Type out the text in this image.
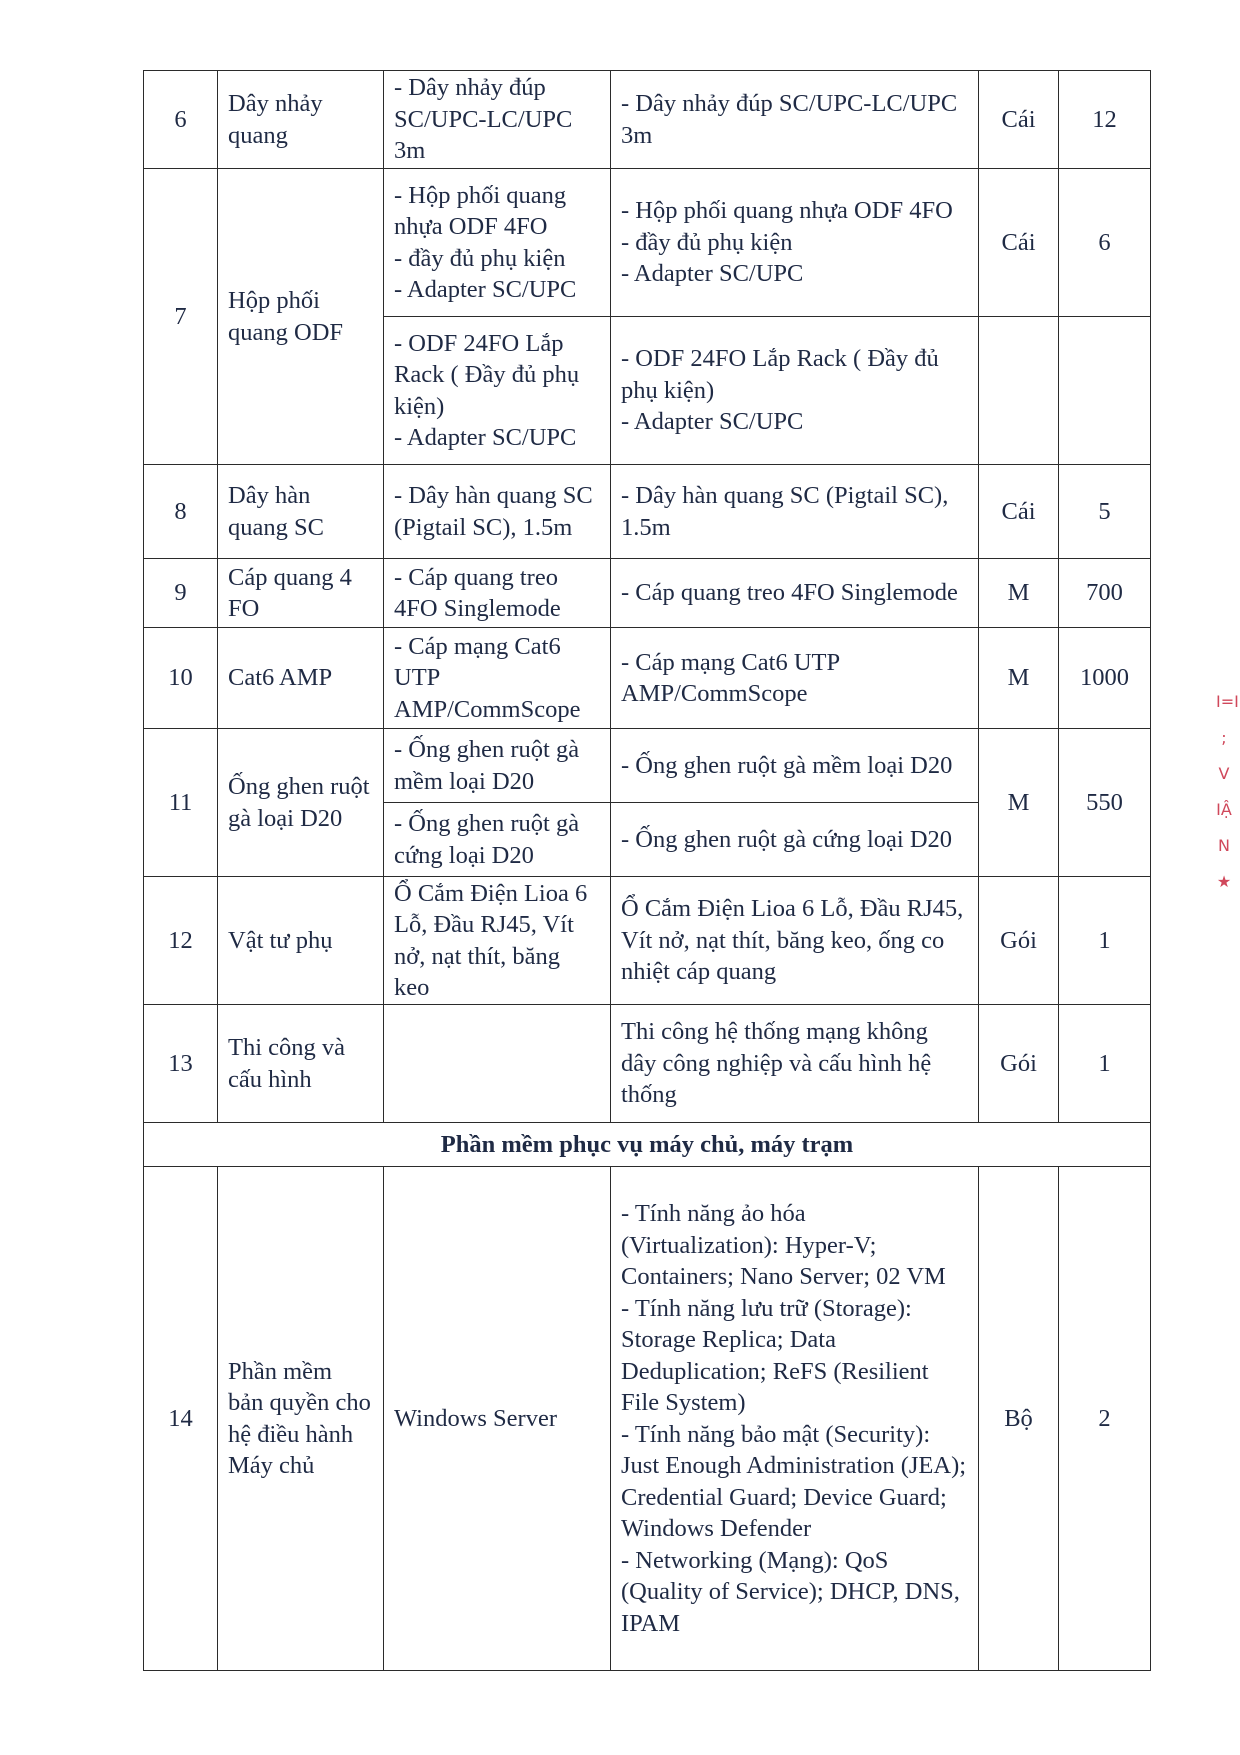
6	Dây nhảy quang	- Dây nhảy đúp SC/UPC-LC/UPC 3m	- Dây nhảy đúp SC/UPC-LC/UPC 3m	Cái	12
7	Hộp phối quang ODF	- Hộp phối quang nhựa ODF 4FO
- đầy đủ phụ kiện
- Adapter SC/UPC	- Hộp phối quang nhựa ODF 4FO
- đầy đủ phụ kiện
- Adapter SC/UPC	Cái	6
		- ODF 24FO Lắp Rack ( Đầy đủ phụ kiện)
- Adapter SC/UPC	- ODF 24FO Lắp Rack ( Đầy đủ phụ kiện)
- Adapter SC/UPC		
8	Dây hàn quang SC	- Dây hàn quang SC (Pigtail SC), 1.5m	- Dây hàn quang SC (Pigtail SC), 1.5m	Cái	5
9	Cáp quang 4 FO	- Cáp quang treo 4FO Singlemode	- Cáp quang treo 4FO Singlemode	M	700
10	Cat6 AMP	- Cáp mạng Cat6 UTP AMP/CommScope	- Cáp mạng Cat6 UTP AMP/CommScope	M	1000
11	Ống ghen ruột gà loại D20	- Ống ghen ruột gà mềm loại D20	- Ống ghen ruột gà mềm loại D20	M	550
		- Ống ghen ruột gà cứng loại D20	- Ống ghen ruột gà cứng loại D20		
12	Vật tư phụ	Ổ Cắm Điện Lioa 6 Lỗ, Đầu RJ45, Vít nở, nạt thít, băng keo	Ổ Cắm Điện Lioa 6 Lỗ, Đầu RJ45, Vít nở, nạt thít, băng keo, ống co nhiệt cáp quang	Gói	1
13	Thi công và cấu hình		Thi công hệ thống mạng không dây công nghiệp và cấu hình hệ thống	Gói	1
Phần mềm phục vụ máy chủ, máy trạm					
14	Phần mềm bản quyền cho hệ điều hành Máy chủ	Windows Server	- Tính năng ảo hóa (Virtualization): Hyper-V; Containers; Nano Server; 02 VM
- Tính năng lưu trữ (Storage): Storage Replica; Data Deduplication; ReFS (Resilient File System)
- Tính năng bảo mật (Security): Just Enough Administration (JEA); Credential Guard; Device Guard; Windows Defender
- Networking (Mạng): QoS (Quality of Service); DHCP, DNS, IPAM	Bộ	2
I=I
; V
IẬ
N
★
